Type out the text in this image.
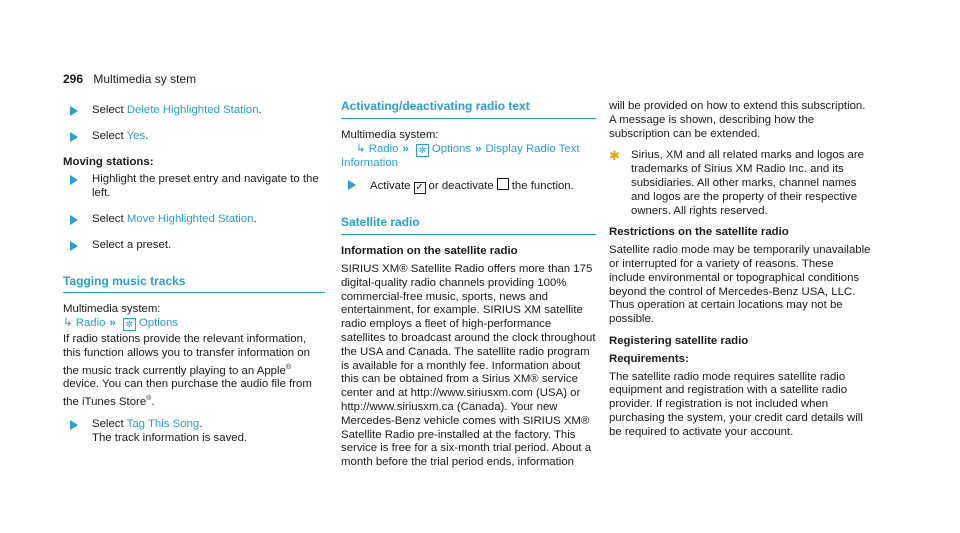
296 Multimedia sy stem
Select Delete Highlighted Station.
Select Yes.
Moving stations:
Highlight the preset entry and navigate to the left.
Select Move Highlighted Station.
Select a preset.
Tagging music tracks

Multimedia system:

↳ Radio » ✲ Options

If radio stations provide the relevant information, this function allows you to transfer information on the music track currently playing to an Apple® device. You can then purchase the audio file from the iTunes Store®.

Select Tag This Song.
The track information is saved.
Activating/deactivating radio text

Multimedia system:

↳ Radio » ✲ Options » Display Radio Text Information

Activate ✓ or deactivate the function.
Satellite radio
Information on the satellite radio

SIRIUS XM® Satellite Radio offers more than 175 digital-quality radio channels providing 100% commercial-free music, sports, news and entertainment, for example. SIRIUS XM satellite radio employs a fleet of high-performance satellites to broadcast around the clock throughout the USA and Canada. The satellite radio program is available for a monthly fee. Information about this can be obtained from a Sirius XM® service center and at http://www.siriusxm.com (USA) or http://www.siriusxm.ca (Canada). Your new Mercedes-Benz vehicle comes with SIRIUS XM® Satellite Radio pre-installed at the factory. This service is free for a six-month trial period. About a month before the trial period ends, information

will be provided on how to extend this subscription. A message is shown, describing how the subscription can be extended.

✱ Sirius, XM and all related marks and logos are trademarks of Sirius XM Radio Inc. and its subsidiaries. All other marks, channel names and logos are the property of their respective owners. All rights reserved.
Restrictions on the satellite radio

Satellite radio mode may be temporarily unavailable or interrupted for a variety of reasons. These include environmental or topographical conditions beyond the control of Mercedes-Benz USA, LLC. Thus operation at certain locations may not be possible.

Registering satellite radio
Requirements:

The satellite radio mode requires satellite radio equipment and registration with a satellite radio provider. If registration is not included when purchasing the system, your credit card details will be required to activate your account.
